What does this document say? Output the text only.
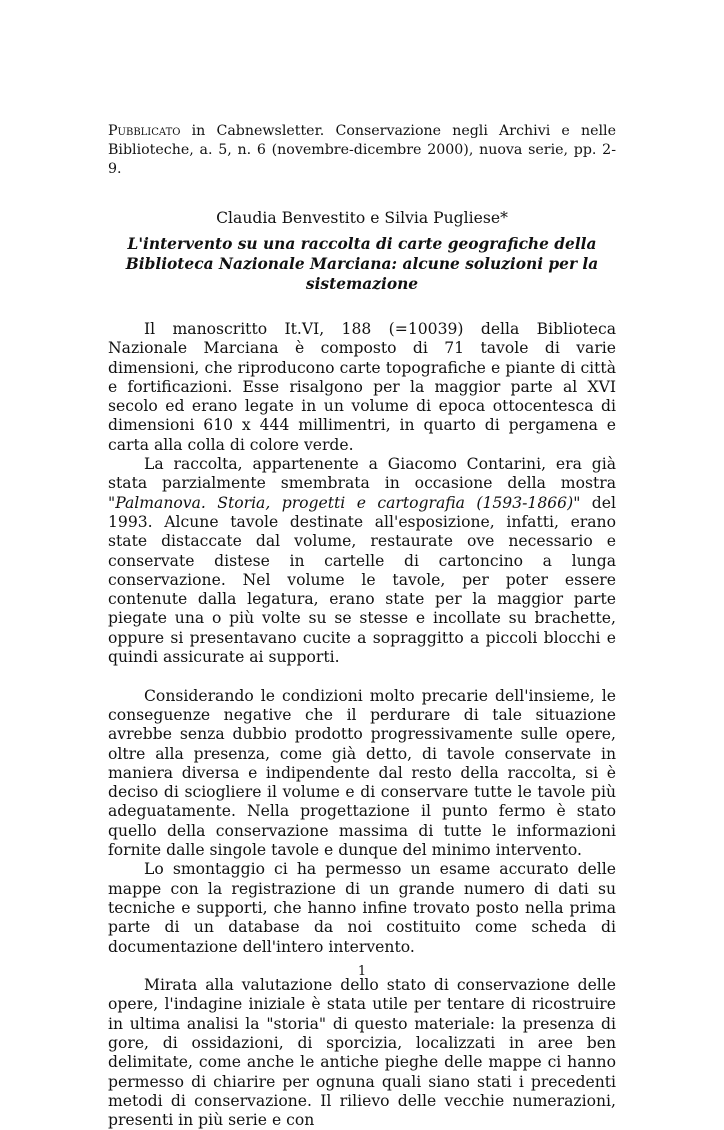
Pubblicato in Cabnewsletter. Conservazione negli Archivi e nelle Biblioteche, a. 5, n. 6 (novembre-dicembre 2000), nuova serie, pp. 2-9.
Claudia Benvestito e Silvia Pugliese*
L'intervento su una raccolta di carte geografiche della Biblioteca Nazionale Marciana: alcune soluzioni per la sistemazione

Il manoscritto It.VI, 188 (=10039) della Biblioteca Nazionale Marciana è composto di 71 tavole di varie dimensioni, che riproducono carte topografiche e piante di città e fortificazioni. Esse risalgono per la maggior parte al XVI secolo ed erano legate in un volume di epoca ottocentesca di dimensioni 610 x 444 millimentri, in quarto di pergamena e carta alla colla di colore verde.

La raccolta, appartenente a Giacomo Contarini, era già stata parzialmente smembrata in occasione della mostra "Palmanova. Storia, progetti e cartografia (1593-1866)" del 1993. Alcune tavole destinate all'esposizione, infatti, erano state distaccate dal volume, restaurate ove necessario e conservate distese in cartelle di cartoncino a lunga conservazione. Nel volume le tavole, per poter essere contenute dalla legatura, erano state per la maggior parte piegate una o più volte su se stesse e incollate su brachette, oppure si presentavano cucite a sopraggitto a piccoli blocchi e quindi assicurate ai supporti.

Considerando le condizioni molto precarie dell'insieme, le conseguenze negative che il perdurare di tale situazione avrebbe senza dubbio prodotto progressivamente sulle opere, oltre alla presenza, come già detto, di tavole conservate in maniera diversa e indipendente dal resto della raccolta, si è deciso di sciogliere il volume e di conservare tutte le tavole più adeguatamente. Nella progettazione il punto fermo è stato quello della conservazione massima di tutte le informazioni fornite dalle singole tavole e dunque del minimo intervento.

Lo smontaggio ci ha permesso un esame accurato delle mappe con la registrazione di un grande numero di dati su tecniche e supporti, che hanno infine trovato posto nella prima parte di un database da noi costituito come scheda di documentazione dell'intero intervento.

Mirata alla valutazione dello stato di conservazione delle opere, l'indagine iniziale è stata utile per tentare di ricostruire in ultima analisi la "storia" di questo materiale: la presenza di gore, di ossidazioni, di sporcizia, localizzati in aree ben delimitate, come anche le antiche pieghe delle mappe ci hanno permesso di chiarire per ognuna quali siano stati i precedenti metodi di conservazione. Il rilievo delle vecchie numerazioni, presenti in più serie e con

1
